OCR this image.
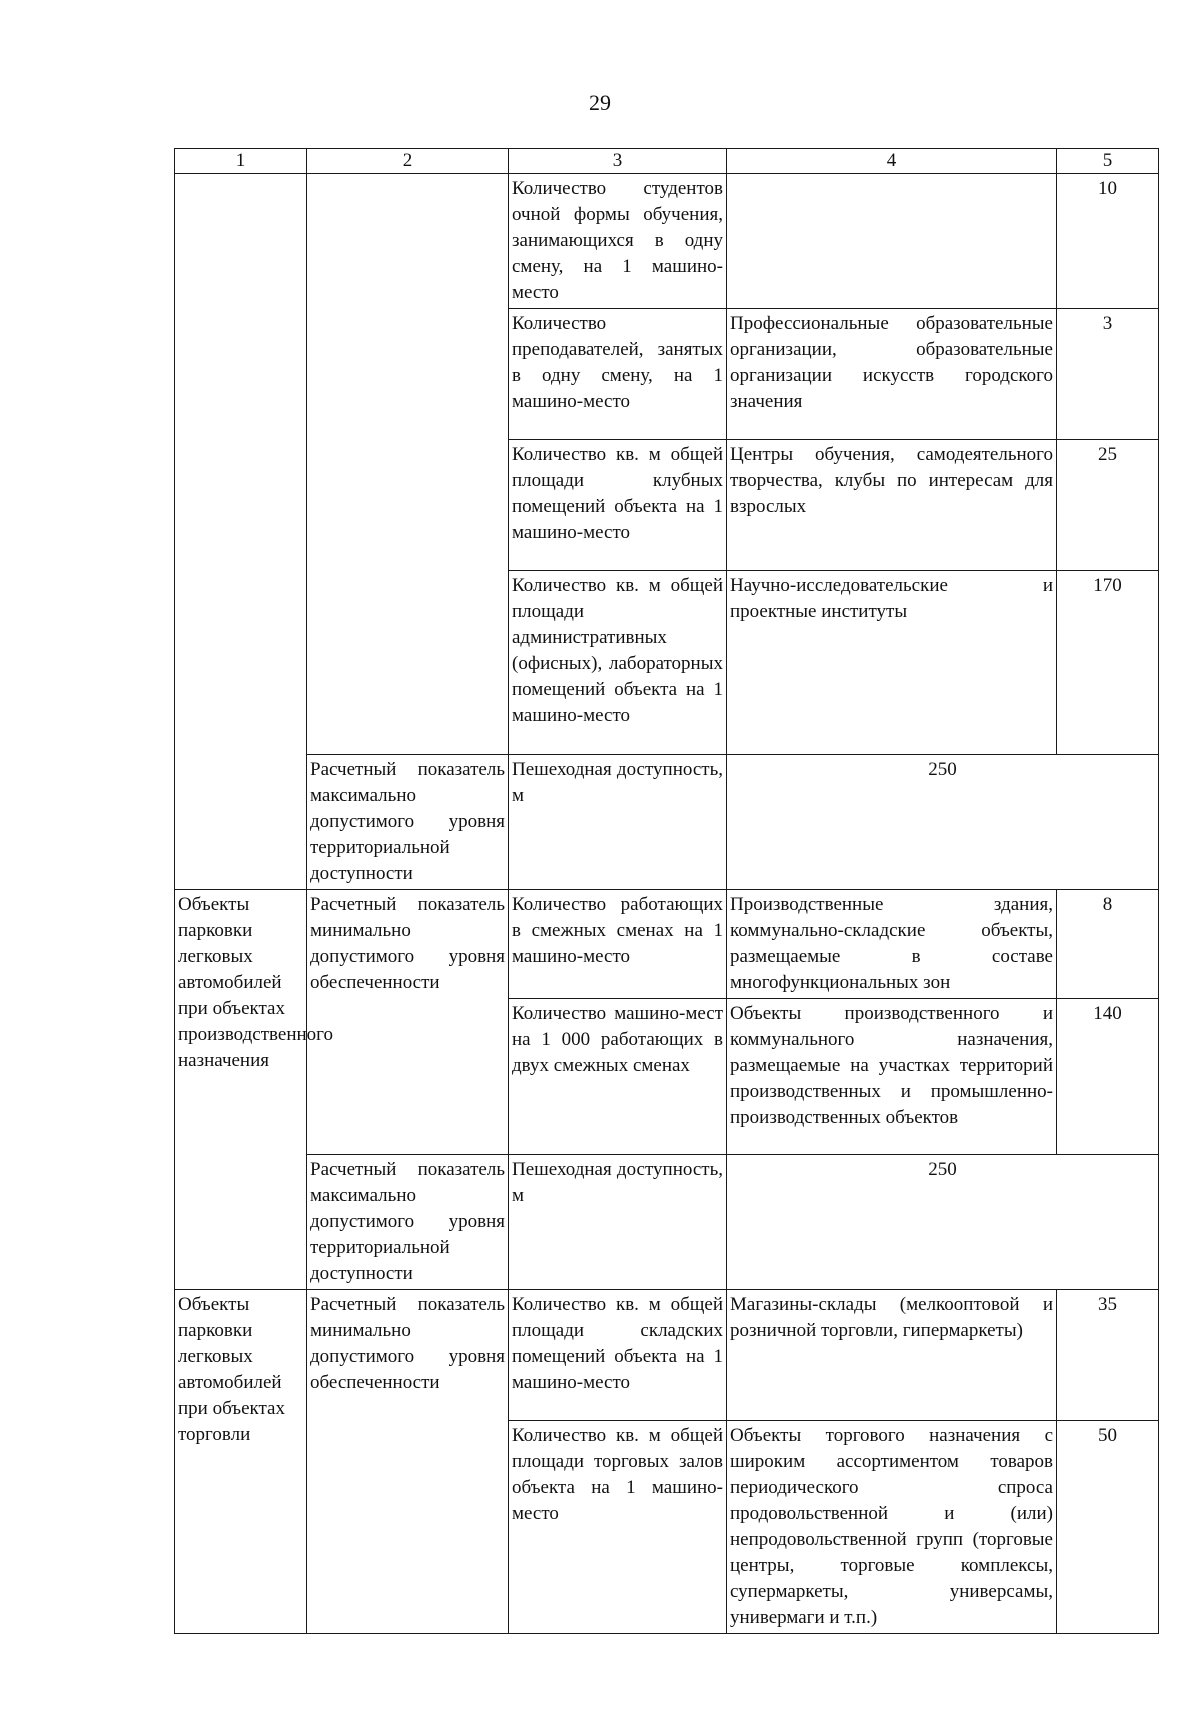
29
1	2	3	4	5
		Количество студентов очной формы обучения, занимающихся в одну смену, на 1 машино-место		10
		Количество преподавателей, занятых в одну смену, на 1 машино-место	Профессиональные образовательные организации, образовательные организации искусств городского значения	3
		Количество кв. м общей площади клубных помещений объекта на 1 машино-место	Центры обучения, самодеятельного творчества, клубы по интересам для взрослых	25
		Количество кв. м общей площади административных (офисных), лабораторных помещений объекта на 1 машино-место	Научно-исследовательские и проектные институты	170
	Расчетный показатель максимально допустимого уровня территориальной доступности	Пешеходная доступность, м	250	
Объекты парковки легковых автомобилей при объектах производственного назначения	Расчетный показатель минимально допустимого уровня обеспеченности	Количество работающих в смежных сменах на 1 машино-место	Производственные здания, коммунально-складские объекты, размещаемые в составе многофункциональных зон	8
		Количество машино-мест на 1 000 работающих в двух смежных сменах	Объекты производственного и коммунального назначения, размещаемые на участках территорий производственных и промышленно-производственных объектов	140
	Расчетный показатель максимально допустимого уровня территориальной доступности	Пешеходная доступность, м	250	
Объекты парковки легковых автомобилей при объектах торговли	Расчетный показатель минимально допустимого уровня обеспеченности	Количество кв. м общей площади складских помещений объекта на 1 машино-место	Магазины-склады (мелкооптовой и розничной торговли, гипермаркеты)	35
		Количество кв. м общей площади торговых залов объекта на 1 машино-место	Объекты торгового назначения с широким ассортиментом товаров периодического спроса продовольственной и (или) непродовольственной групп (торговые центры, торговые комплексы, супермаркеты, универсамы, универмаги и т.п.)	50
